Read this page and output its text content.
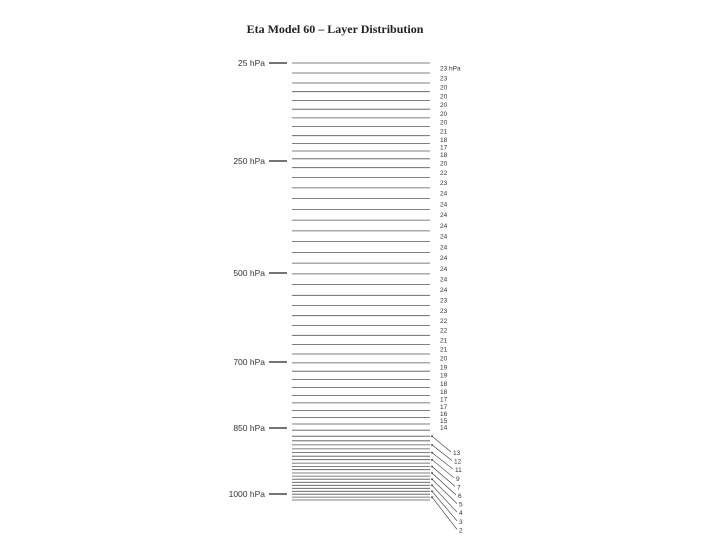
Eta Model 60 – Layer Distribution
25 hPa
250 hPa
500 hPa
700 hPa
850 hPa
1000 hPa
23 hPa
23
20
20
20
20
20
21
18
17
18
20
22
23
24
24
24
24
24
24
24
24
24
24
23
23
22
22
21
21
20
19
19
18
18
17
17
16
15
14
13
12
11
9
7
6
5
4
3
2
